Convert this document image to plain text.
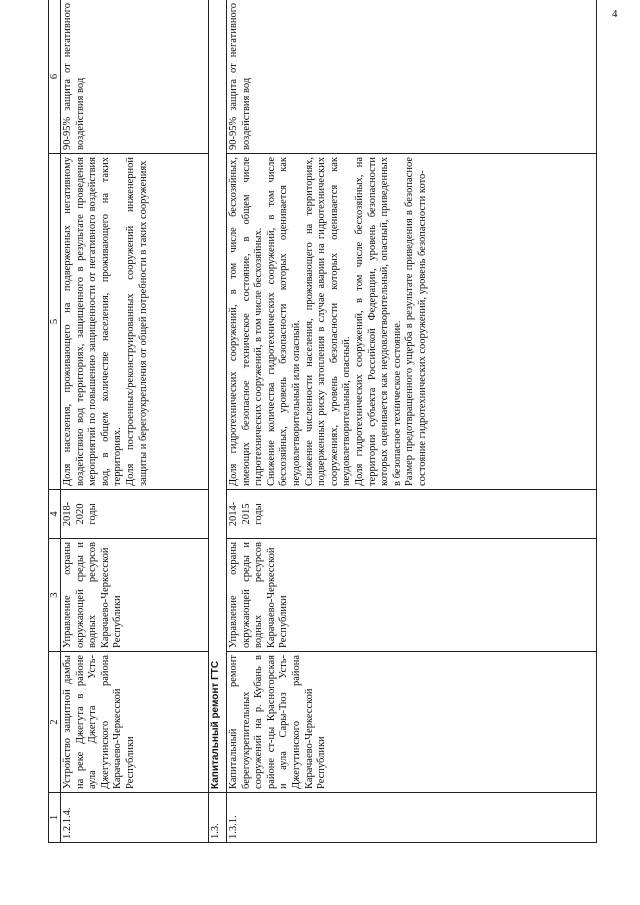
4
1	2	3	4	5	6
1.2.1.4.	Устройство защитной дамбы на реке Джегута в районе аула Джегута Усть-Джегутинского района Карачаево-Черкесской Республики	Управление охраны окружающей среды и водных ресурсов Карачаево-Черкесской Республики	2018-2020 годы	Доля населения, проживающего на подверженных негативному воздействию вод территориях, защищенного в результате проведения мероприятий по повышению защищенности от негативного воздействия вод, в общем количестве населения, проживающего на таких территориях. Доля построенных/реконструированных сооружений инженерной защиты и берегоукрепления от общей потребности в таких сооружениях	90-95% защита от негативного воздействия вод
1.3.	Капитальный ремонт ГТС				
1.3.1.	Капитальный ремонт берегоукрепительных сооружений на р. Кубань в районе ст-цы Красногорская и аула Сары-Тюз Усть-Джегутинского района Карачаево-Черкесской Республики	Управление охраны окружающей среды и водных ресурсов Карачаево-Черкесской Республики	2014-2015 годы	Доля гидротехнических сооружений, в том числе бесхозяйных, имеющих безопасное техническое состояние, в общем числе гидротехнических сооружений, в том числе бесхозяйных. Снижение количества гидротехнических сооружений, в том числе бесхозяйных, уровень безопасности которых оценивается как неудовлетворительный или опасный. Снижение численности населения, проживающего на территориях, подверженных риску затопления в случае аварии на гидротехнических сооружениях, уровень безопасности которых оценивается как неудовлетворительный, опасный. Доля гидротехнических сооружений, в том числе бесхозяйных, на территории субъекта Российской Федерации, уровень безопасности которых оценивается как неудовлетворительный, опасный, приведенных в безопасное техническое состояние. Размер предотвращенного ущерба в результате приведения в безопасное состояние гидротехнических сооружений, уровень безопасности кото-	90-95% защита от негативного воздействия вод
